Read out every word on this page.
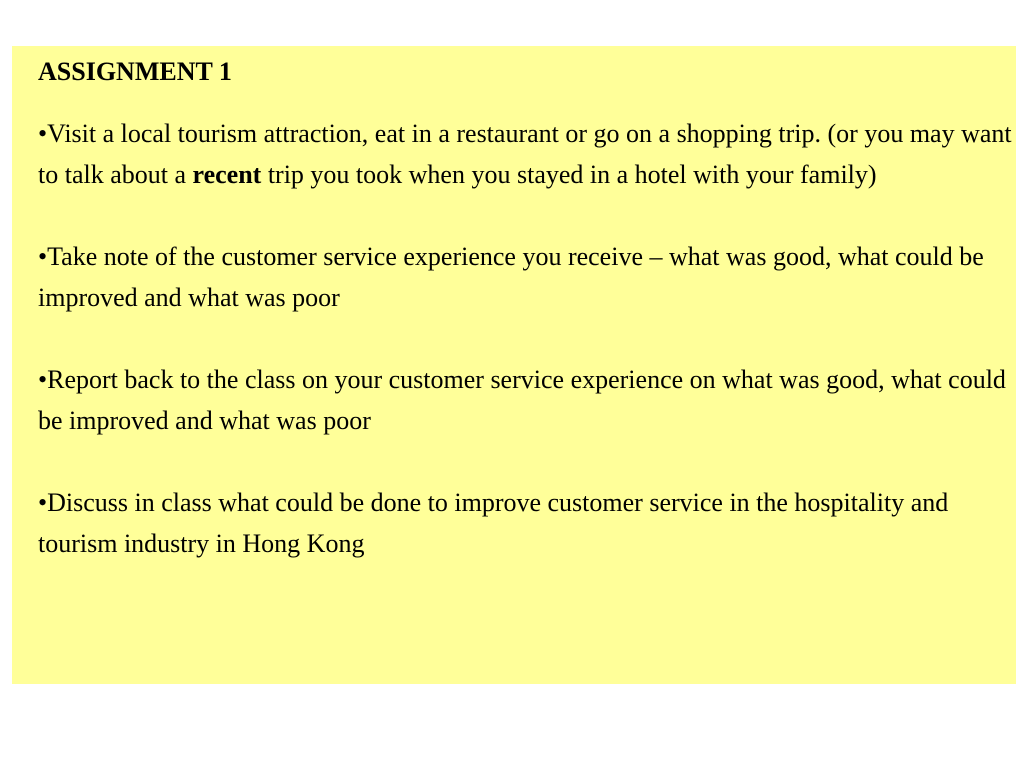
ASSIGNMENT 1
•Visit a local tourism attraction, eat in a restaurant or go on a shopping trip. (or you may want to talk about a recent trip you took when you stayed in a hotel with your family)
•Take note of the customer service experience you receive – what was good, what could be improved and what was poor
•Report back to the class on your customer service experience on what was good, what could be improved and what was poor
•Discuss in class what could be done to improve customer service in the hospitality and tourism industry in Hong Kong
